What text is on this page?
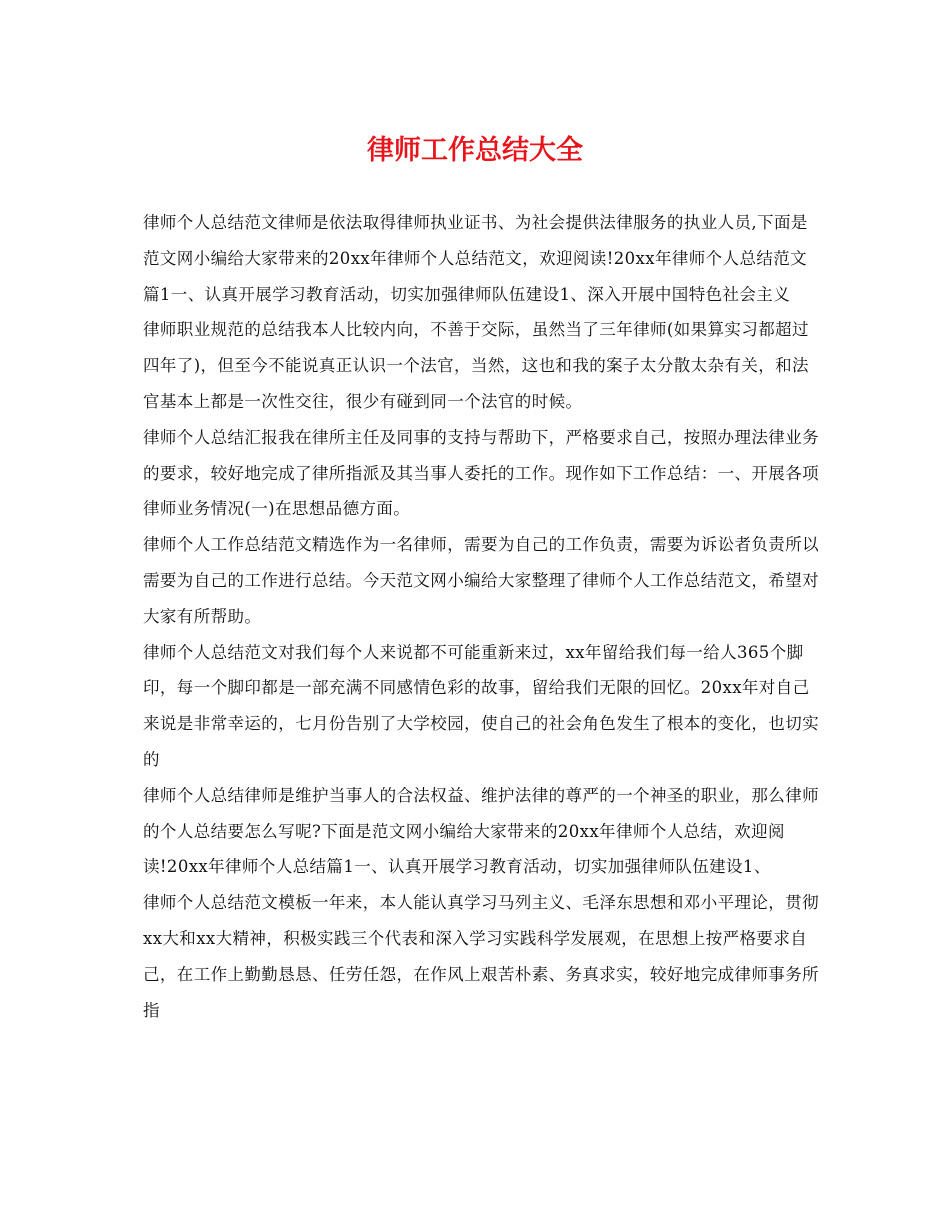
律师工作总结大全

律师个人总结范文律师是依法取得律师执业证书、为社会提供法律服务的执业人员,下面是范文网小编给大家带来的20xx年律师个人总结范文，欢迎阅读!20xx年律师个人总结范文篇1一、认真开展学习教育活动，切实加强律师队伍建设1、深入开展中国特色社会主义

律师职业规范的总结我本人比较内向，不善于交际，虽然当了三年律师(如果算实习都超过四年了)，但至今不能说真正认识一个法官，当然，这也和我的案子太分散太杂有关，和法官基本上都是一次性交往，很少有碰到同一个法官的时候。

律师个人总结汇报我在律所主任及同事的支持与帮助下，严格要求自己，按照办理法律业务的要求，较好地完成了律所指派及其当事人委托的工作。现作如下工作总结：一、开展各项律师业务情况(一)在思想品德方面。

律师个人工作总结范文精选作为一名律师，需要为自己的工作负责，需要为诉讼者负责所以需要为自己的工作进行总结。今天范文网小编给大家整理了律师个人工作总结范文，希望对大家有所帮助。

律师个人总结范文对我们每个人来说都不可能重新来过，xx年留给我们每一给人365个脚印，每一个脚印都是一部充满不同感情色彩的故事，留给我们无限的回忆。20xx年对自己来说是非常幸运的，七月份告别了大学校园，使自己的社会角色发生了根本的变化，也切实的

律师个人总结律师是维护当事人的合法权益、维护法律的尊严的一个神圣的职业，那么律师的个人总结要怎么写呢?下面是范文网小编给大家带来的20xx年律师个人总结，欢迎阅读!20xx年律师个人总结篇1一、认真开展学习教育活动，切实加强律师队伍建设1、

律师个人总结范文模板一年来，本人能认真学习马列主义、毛泽东思想和邓小平理论，贯彻xx大和xx大精神，积极实践三个代表和深入学习实践科学发展观，在思想上按严格要求自己，在工作上勤勤恳恳、任劳任怨，在作风上艰苦朴素、务真求实，较好地完成律师事务所指
